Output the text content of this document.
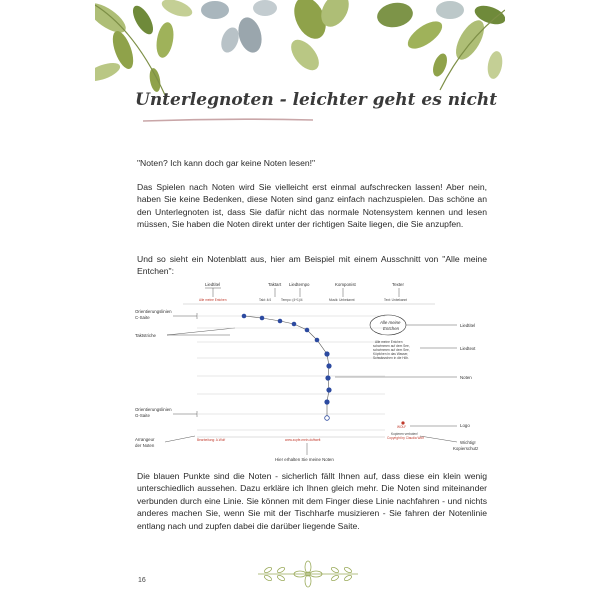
Unterlegnoten - leichter geht es nicht
"Noten? Ich kann doch gar keine Noten lesen!"
Das Spielen nach Noten wird Sie vielleicht erst einmal aufschrecken lassen! Aber nein, haben Sie keine Bedenken, diese Noten sind ganz einfach nachzuspielen. Das schöne an den Unterlegnoten ist, dass Sie dafür nicht das normale Notensystem kennen und lesen müssen, Sie haben die Noten direkt unter der richtigen Saite liegen, die Sie anzupfen.
Und so sieht ein Notenblatt aus, hier am Beispiel mit einem Ausschnitt von "Alle meine Entchen":
Liedtitel	Taktart Liedtempo	Komponist	Texter
Alle meine Entchen	Takt: 4/4	Tempo: (4+1)/4	Musik: Unbekannt	Text: Unbekannt
Orientierungslinien
C-Saite
Taktstriche
Orientierungslinien
G-Saite
Arrangeur
der Noten
Alle meine
Entchen
Alle meine Entchen
schwimmen auf dem See,
schwimmen auf dem See,
Köpfchen in das Wasser,
Schwänzchen in die Höh.
Liedtitel
Liedtext
Noten
Logo
Wichtig!
Kopierschutz
WOLF
Kopieren verboten!
Copyright by Claudia Wolf
Bearbeitung: A.Wolf	www.zupfe-mein-duftwelt
Hier erhalten Sie meine Noten
Die blauen Punkte sind die Noten - sicherlich fällt Ihnen auf, dass diese ein klein wenig unterschiedlich aussehen. Dazu erkläre ich Ihnen gleich mehr. Die Noten sind miteinander verbunden durch eine Linie. Sie können mit dem Finger diese Linie nachfahren - und nichts anderes machen Sie, wenn Sie mit der Tischharfe musizieren - Sie fahren der Notenlinie entlang nach und zupfen dabei die darüber liegende Saite.
16
